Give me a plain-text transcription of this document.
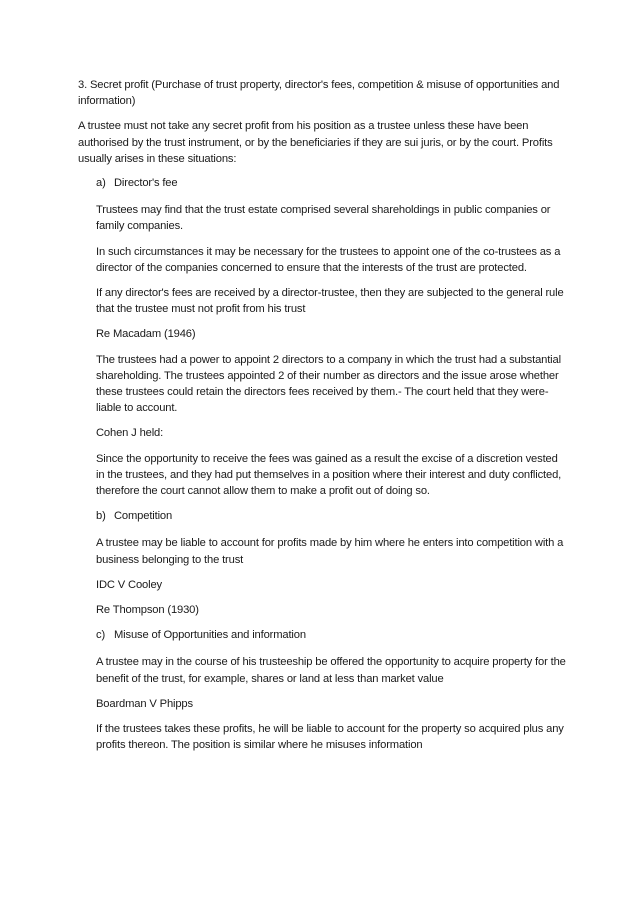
3. Secret profit (Purchase of trust property, director's fees, competition & misuse of opportunities and information)

A trustee must not take any secret profit from his position as a trustee unless these have been authorised by the trust instrument, or by the beneficiaries if they are sui juris, or by the court. Profits usually arises in these situations:

a) Director's fee

Trustees may find that the trust estate comprised several shareholdings in public companies or family companies.

In such circumstances it may be necessary for the trustees to appoint one of the co-trustees as a director of the companies concerned to ensure that the interests of the trust are protected.

If any director's fees are received by a director-trustee, then they are subjected to the general rule that the trustee must not profit from his trust

Re Macadam (1946)

The trustees had a power to appoint 2 directors to a company in which the trust had a substantial shareholding. The trustees appointed 2 of their number as directors and the issue arose whether these trustees could retain the directors fees received by them.- The court held that they were-liable to account.

Cohen J held:

Since the opportunity to receive the fees was gained as a result the excise of a discretion vested in the trustees, and they had put themselves in a position where their interest and duty conflicted, therefore the court cannot allow them to make a profit out of doing so.

b) Competition

A trustee may be liable to account for profits made by him where he enters into competition with a business belonging to the trust

IDC V Cooley

Re Thompson (1930)

c) Misuse of Opportunities and information

A trustee may in the course of his trusteeship be offered the opportunity to acquire property for the benefit of the trust, for example, shares or land at less than market value

Boardman V Phipps

If the trustees takes these profits, he will be liable to account for the property so acquired plus any profits thereon. The position is similar where he misuses information
